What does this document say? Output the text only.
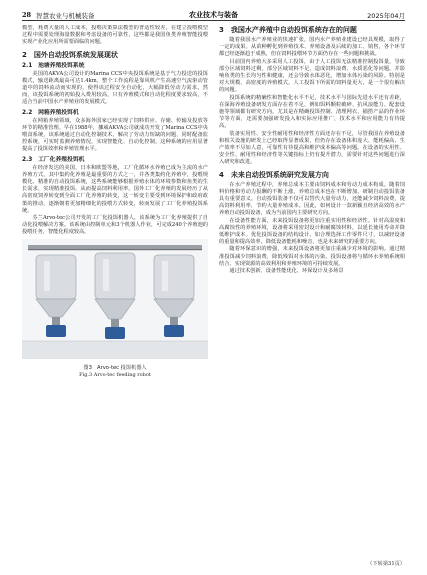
28 智慧农业与机械装备	农业技术与装备	2025年04月

模型，耗费大量的人工成本，投喂决策算法模型的普适性较差，在建立投喂模型过程中需要处理海量数据和考虑设备的可靠性，这些都是我国鱼类养殖智能投喂实现产业化应用所需要面临的问题。

2　国外自动投饵系统发展现状
2.1　池塘养殖投饵系统

美国的AKVA公司设计的Marina CCS中央投饵系统是基于气力投送的投饵模式，输送距离最高可达1.4km，整个工作流程是靠风机产生高速空气流驱动管道中的饲料流动而实现的，使得该过程安全自动化，大幅降低劳动力需求。然而，该投饵系统的初始投入费用较高，只有养殖模式和自动化程度要求较高，不适合当前中国水产养殖业的发展模式。

2.2　网箱养殖投饵机

在网箱养殖领域，众多海外国家已经实现了饲料供应、存储、传输及投放等环节的精准管理。早在1988年，挪威AKVA公司就成功开发了Marina CCS中央喂食系统，该系统通过自动化控制技术，解决了劳动力短缺的问题，同时配备监控系统，可实时监测养殖情况，实现智能化、自动化控制。这种系统的应用显著提高了投饵效率和养殖管理水平。

2.3　工厂化养殖投饵机

在经济发达的美国、日本和欧盟等地，工厂化循环水养殖已成为主流的水产养殖方式，其中集约化养殖是最重要的方式之一，并各类集约化养殖中，投喂规模化、精准的自动投饵系统，这些系统能够根据养殖水体的环境参数和鱼类的生长需求，实现精准投饵，从而提高饲料利用率。国外工厂化养殖的发展经历了从高密度饲养转变到全面工厂化养殖的转变，这一转变主要受到环境保护和政府政策的推动，逐渐朝着更加精细化的投喂方式转变，转而发展了工厂化养殖投饵系统。

芬兰Arvo-tec公司开发的工厂化投饵机器人，该系统为工厂化养殖提供了自动化投喂解决方案。该系统由控制单元和3个机器人作业，可完成240个养殖池的投喂任务，智能化程度较高。

图3　Arvo-tec 投饵机器人
Fig.3 Arvo-tec feeding robot
3　我国水产养殖中自动投饵系统存在的问题

随着我国水产养殖业的快速扩张，国内水产养殖业建设已经具规模，取得了一定的成果。从苗种孵化到养殖技术、养殖设备及后续的加工、销售，各个环节都已经逐渐趋于成熟，但在饲料投喂环节方面仍存在一些问题和挑战。

目前国内养殖大多采用人工投饵，由于人工投饵无法精准控制投饵量，导致部分区域饲料过剩，部分区域饲料不足，造成饲料浪费、水质恶化等问题，并影响鱼类的生长均匀性和健康，还会导致水体恶化，增加水体污染的风险。特别是对大规模、高密度的养殖模式，人工投饵下所需的饲料量更大，是一个很有解决的问题。

投饵系统的精确性和智能化水平不足，技术水平与国际先进水平还有差距，在深海养殖设备研发方面存在着不足，例如饵料颗粒破碎、抗风浪能力、配套设施等领域都有研究方向，尤其是在精确投饵控制、清理网衣、捕捞产品的作业环节等方面，还需要加强研发投入和实际应用推广，技术水平和应用能力有待提高。

装备实用性、安全性耐用性和经济性方面还存在不足，尽管我国在养殖设备和相关设施的研发上已经取得显著成果，但仍存在设备体积庞大、能耗偏高、生产效率不尽如人意，可靠性有待提高和维护成本偏高等问题。在设备的实用性、安全性、耐用性和经济性等关键指标上仍有提升潜力，需要针对这些问题进行深入研究和改进。

4　未来自动投饵系统研究发展方向

在水产养殖过程中，养殖总成本主要由饲料成本和劳动力成本构成。随着饲料价格和劳动力报酬的不断上涨，养殖总成本也在不断增加，研制自动投饵装备具有重要意义。自动投饵装备不仅可以替代大量劳动力，还能减少饲料浪费，提高饲料利用率，节约大量养殖成本。因此，如何设计一款新颖且经济高效的水产养殖自动投饵设备，成为当前国内主要研究方向。

在设备性能方面，未来投饵设备将更加注重实用性和经济性。针对高湿度和高腐蚀性的养殖环境，设备将采用密封设计和耐腐蚀材料，以延长使用寿命并降低维护成本。优化投饵设备的结构设计，如合理选择工作零件尺寸，以减轻设备的重量和提高效率，降低设备能耗和噪音，也是未来研究的重要方向。

随着环保意识的增强，未来投饵设备将更加注重减少对环境的影响。通过精准投饵减少饲料浪费，降低残饵对水体的污染。投饵设备将与循环水养殖系统相结合，实现资源的高效利用和养殖环境的可持续发展。

通过技术创新、设备性能优化、环保设计及多场景

（下转第31页）
